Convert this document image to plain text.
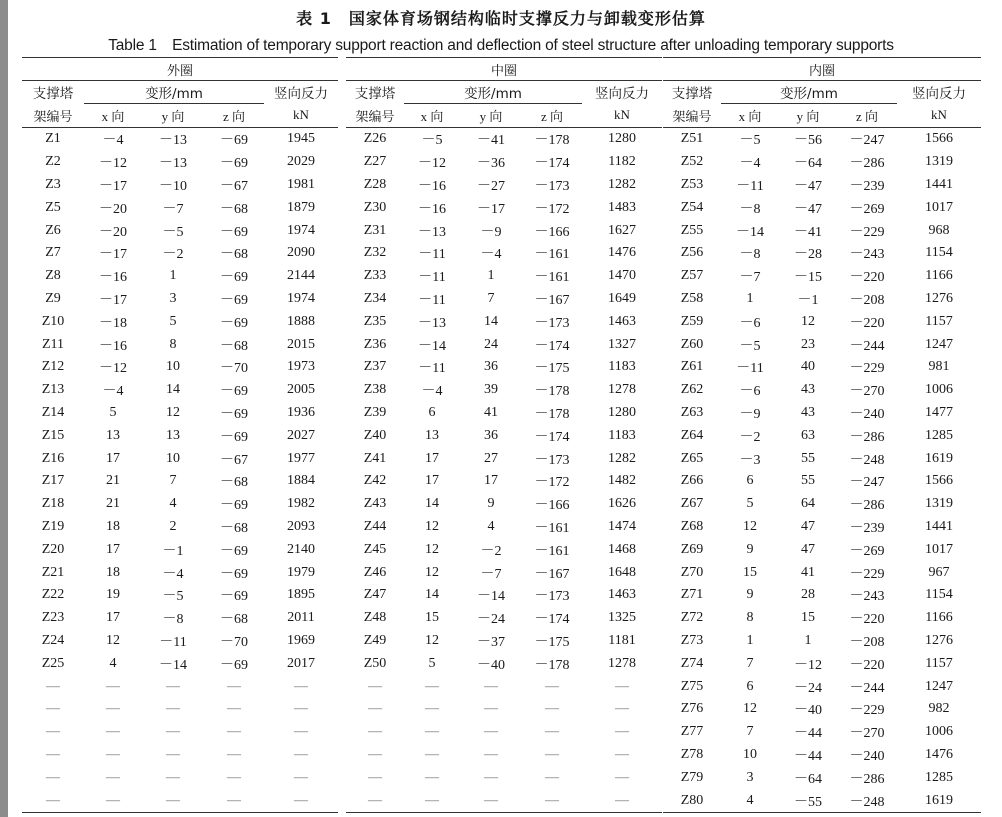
表 1　国家体育场钢结构临时支撑反力与卸载变形估算
Table 1　Estimation of temporary support reaction and deflection of steel structure after unloading temporary supports
外圈				
支撑塔	变形/mm			竖向反力
架编号	x 向	y 向	z 向	kN
Z1	－4	－13	－69	1945
Z2	－12	－13	－69	2029
Z3	－17	－10	－67	1981
Z5	－20	－7	－68	1879
Z6	－20	－5	－69	1974
Z7	－17	－2	－68	2090
Z8	－16	1	－69	2144
Z9	－17	3	－69	1974
Z10	－18	5	－69	1888
Z11	－16	8	－68	2015
Z12	－12	10	－70	1973
Z13	－4	14	－69	2005
Z14	5	12	－69	1936
Z15	13	13	－69	2027
Z16	17	10	－67	1977
Z17	21	7	－68	1884
Z18	21	4	－69	1982
Z19	18	2	－68	2093
Z20	17	－1	－69	2140
Z21	18	－4	－69	1979
Z22	19	－5	－69	1895
Z23	17	－8	－68	2011
Z24	12	－11	－70	1969
Z25	4	－14	－69	2017
—	—	—	—	—
—	—	—	—	—
—	—	—	—	—
—	—	—	—	—
—	—	—	—	—
—	—	—	—	—
中圈				
支撑塔	变形/mm			竖向反力
架编号	x 向	y 向	z 向	kN
Z26	－5	－41	－178	1280
Z27	－12	－36	－174	1182
Z28	－16	－27	－173	1282
Z30	－16	－17	－172	1483
Z31	－13	－9	－166	1627
Z32	－11	－4	－161	1476
Z33	－11	1	－161	1470
Z34	－11	7	－167	1649
Z35	－13	14	－173	1463
Z36	－14	24	－174	1327
Z37	－11	36	－175	1183
Z38	－4	39	－178	1278
Z39	6	41	－178	1280
Z40	13	36	－174	1183
Z41	17	27	－173	1282
Z42	17	17	－172	1482
Z43	14	9	－166	1626
Z44	12	4	－161	1474
Z45	12	－2	－161	1468
Z46	12	－7	－167	1648
Z47	14	－14	－173	1463
Z48	15	－24	－174	1325
Z49	12	－37	－175	1181
Z50	5	－40	－178	1278
—	—	—	—	—
—	—	—	—	—
—	—	—	—	—
—	—	—	—	—
—	—	—	—	—
—	—	—	—	—
内圈				
支撑塔	变形/mm			竖向反力
架编号	x 向	y 向	z 向	kN
Z51	－5	－56	－247	1566
Z52	－4	－64	－286	1319
Z53	－11	－47	－239	1441
Z54	－8	－47	－269	1017
Z55	－14	－41	－229	968
Z56	－8	－28	－243	1154
Z57	－7	－15	－220	1166
Z58	1	－1	－208	1276
Z59	－6	12	－220	1157
Z60	－5	23	－244	1247
Z61	－11	40	－229	981
Z62	－6	43	－270	1006
Z63	－9	43	－240	1477
Z64	－2	63	－286	1285
Z65	－3	55	－248	1619
Z66	6	55	－247	1566
Z67	5	64	－286	1319
Z68	12	47	－239	1441
Z69	9	47	－269	1017
Z70	15	41	－229	967
Z71	9	28	－243	1154
Z72	8	15	－220	1166
Z73	1	1	－208	1276
Z74	7	－12	－220	1157
Z75	6	－24	－244	1247
Z76	12	－40	－229	982
Z77	7	－44	－270	1006
Z78	10	－44	－240	1476
Z79	3	－64	－286	1285
Z80	4	－55	－248	1619
